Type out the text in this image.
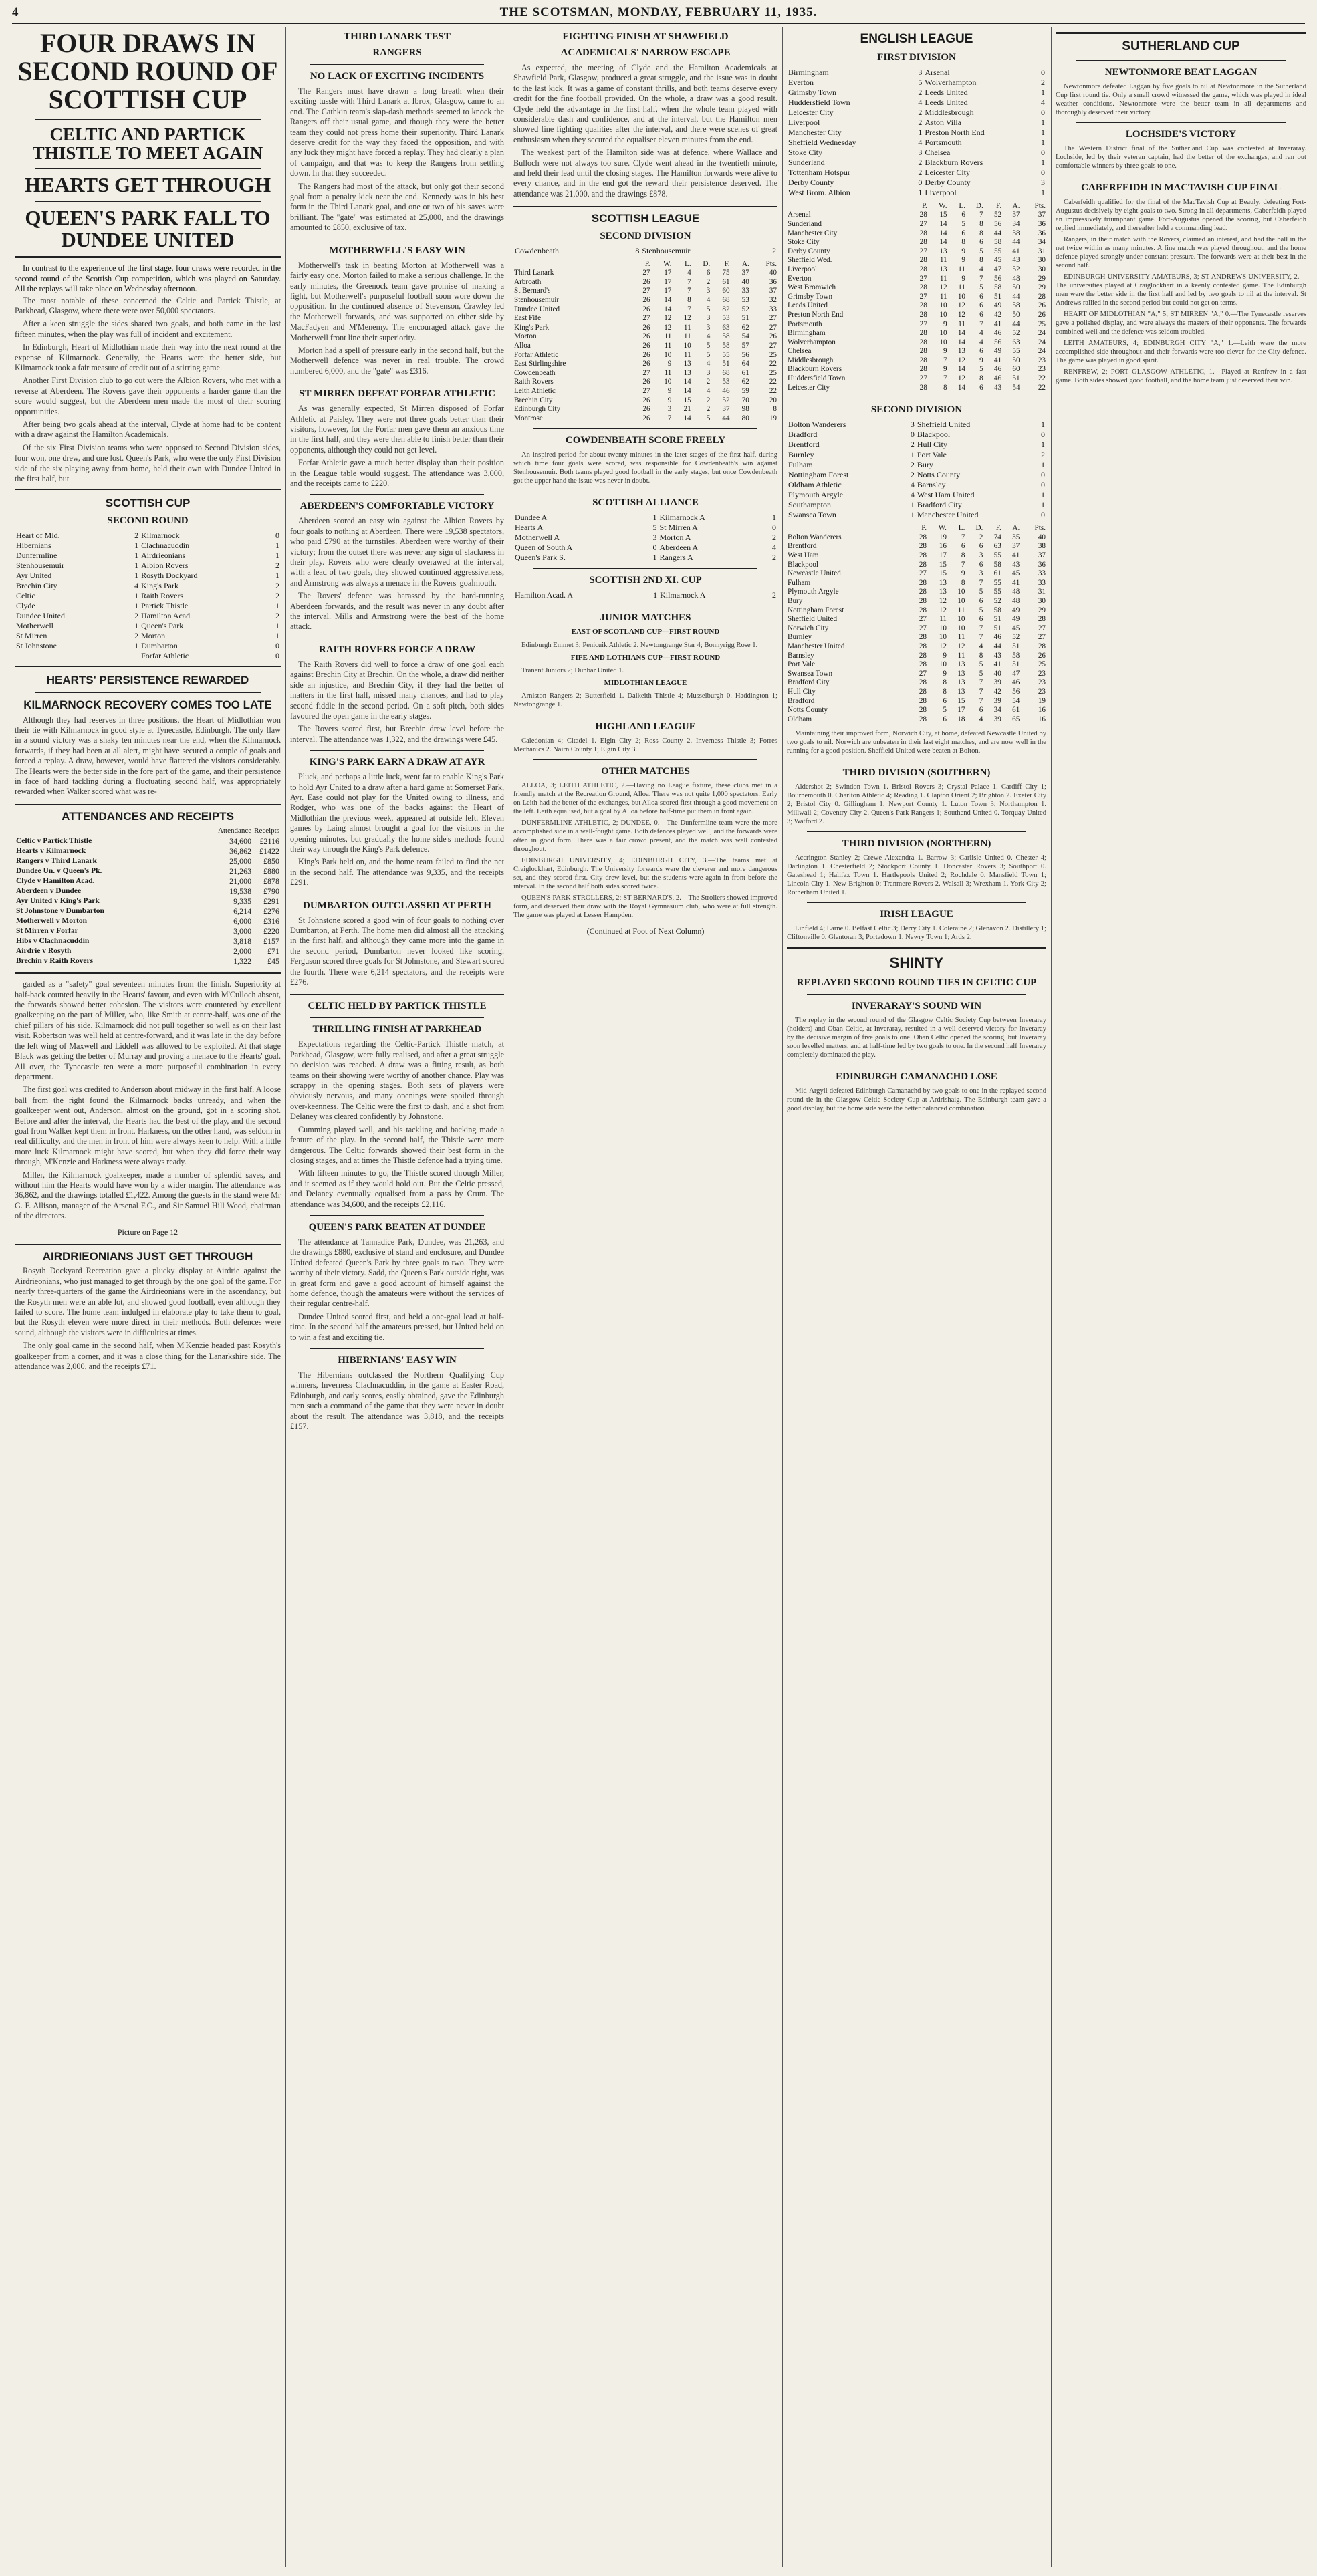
4	THE SCOTSMAN, MONDAY, FEBRUARY 11, 1935.
FOUR DRAWS IN SECOND ROUND OF SCOTTISH CUP
CELTIC AND PARTICK THISTLE TO MEET AGAIN
HEARTS GET THROUGH
QUEEN'S PARK FALL TO DUNDEE UNITED

In contrast to the experience of the first stage, four draws were recorded in the second round of the Scottish Cup competition, which was played on Saturday. All the replays will take place on Wednesday afternoon.

The most notable of these concerned the Celtic and Partick Thistle, at Parkhead, Glasgow, where there were over 50,000 spectators.
After a keen struggle the sides shared two goals, and both came in the last fifteen minutes, when the play was full of incident and excitement.
In Edinburgh, Heart of Midlothian made their way into the next round at the expense of Kilmarnock. Generally, the Hearts were the better side, but Kilmarnock took a fair measure of credit out of a stirring game.
Another First Division club to go out were the Albion Rovers, who met with a reverse at Aberdeen. The Rovers gave their opponents a harder game than the score would suggest, but the Aberdeen men made the most of their scoring opportunities.
After being two goals ahead at the interval, Clyde at home had to be content with a draw against the Hamilton Academicals.
Of the six First Division teams who were opposed to Second Division sides, four won, one drew, and one lost. Queen's Park, who were the only First Division side of the six playing away from home, held their own with Dundee United in the first half, but
SCOTTISH CUP
SECOND ROUND
Heart of Mid.	2	Kilmarnock	0
Hibernians	1	Clachnacuddin	1
Dunfermline	1	Airdrieonians	1
Stenhousemuir	1	Albion Rovers	2
Ayr United	1	Rosyth Dockyard	1
Brechin City	4	King's Park	2
Celtic	1	Raith Rovers	2
Clyde	1	Partick Thistle	1
Dundee United	2	Hamilton Acad.	2
Motherwell	1	Queen's Park	1
St Mirren	2	Morton	1
St Johnstone	1	Dumbarton	0
		Forfar Athletic	0
HEARTS' PERSISTENCE REWARDED
KILMARNOCK RECOVERY COMES TOO LATE
Although they had reserves in three positions, the Heart of Midlothian won their tie with Kilmarnock in good style at Tynecastle, Edinburgh. The only flaw in a sound victory was a shaky ten minutes near the end, when the Kilmarnock forwards, if they had been at all alert, might have secured a couple of goals and forced a replay. A draw, however, would have flattered the visitors considerably. The Hearts were the better side in the fore part of the game, and their persistence in face of hard tackling during a fluctuating second half, was appropriately rewarded when Walker scored what was re-
ATTENDANCES AND RECEIPTS
	Attendance	Receipts
Celtic v Partick Thistle	34,600	£2116
Hearts v Kilmarnock	36,862	£1422
Rangers v Third Lanark	25,000	£850
Dundee Un. v Queen's Pk.	21,263	£880
Clyde v Hamilton Acad.	21,000	£878
Aberdeen v Dundee	19,538	£790
Ayr United v King's Park	9,335	£291
St Johnstone v Dumbarton	6,214	£276
Motherwell v Morton	6,000	£316
St Mirren v Forfar	3,000	£220
Hibs v Clachnacuddin	3,818	£157
Airdrie v Rosyth	2,000	£71
Brechin v Raith Rovers	1,322	£45
garded as a "safety" goal seventeen minutes from the finish. Superiority at half-back counted heavily in the Hearts' favour, and even with M'Culloch absent, the forwards showed better cohesion. The visitors were countered by excellent goalkeeping on the part of Miller, who, like Smith at centre-half, was one of the chief pillars of his side. Kilmarnock did not pull together so well as on their last visit. Robertson was well held at centre-forward, and it was late in the day before the left wing of Maxwell and Liddell was allowed to be exploited. At that stage Black was getting the better of Murray and proving a menace to the Hearts' goal. All over, the Tynecastle ten were a more purposeful combination in every department.
The first goal was credited to Anderson about midway in the first half. A loose ball from the right found the Kilmarnock backs unready, and when the goalkeeper went out, Anderson, almost on the ground, got in a scoring shot. Before and after the interval, the Hearts had the best of the play, and the second goal from Walker kept them in front. Harkness, on the other hand, was seldom in real difficulty, and the men in front of him were always keen to help. With a little more luck Kilmarnock might have scored, but when they did force their way through, M'Kenzie and Harkness were always ready.
Miller, the Kilmarnock goalkeeper, made a number of splendid saves, and without him the Hearts would have won by a wider margin. The attendance was 36,862, and the drawings totalled £1,422. Among the guests in the stand were Mr G. F. Allison, manager of the Arsenal F.C., and Sir Samuel Hill Wood, chairman of the directors.
Picture on Page 12
AIRDRIEONIANS JUST GET THROUGH
Rosyth Dockyard Recreation gave a plucky display at Airdrie against the Airdrieonians, who just managed to get through by the one goal of the game. For nearly three-quarters of the game the Airdrieonians were in the ascendancy, but the Rosyth men were an able lot, and showed good football, even although they failed to score. The home team indulged in elaborate play to take them to goal, but the Rosyth eleven were more direct in their methods. Both defences were sound, although the visitors were in difficulties at times.
The only goal came in the second half, when M'Kenzie headed past Rosyth's goalkeeper from a corner, and it was a close thing for the Lanarkshire side. The attendance was 2,000, and the receipts £71.
THIRD LANARK TEST
RANGERS
NO LACK OF EXCITING INCIDENTS
The Rangers must have drawn a long breath when their exciting tussle with Third Lanark at Ibrox, Glasgow, came to an end. The Cathkin team's slap-dash methods seemed to knock the Rangers off their usual game, and though they were the better team they could not press home their superiority. Third Lanark deserve credit for the way they faced the opposition, and with any luck they might have forced a replay. They had clearly a plan of campaign, and that was to keep the Rangers from settling down. In that they succeeded.
The Rangers had most of the attack, but only got their second goal from a penalty kick near the end. Kennedy was in his best form in the Third Lanark goal, and one or two of his saves were brilliant. The "gate" was estimated at 25,000, and the drawings amounted to £850, exclusive of tax.
MOTHERWELL'S EASY WIN
Motherwell's task in beating Morton at Motherwell was a fairly easy one. Morton failed to make a serious challenge. In the early minutes, the Greenock team gave promise of making a fight, but Motherwell's purposeful football soon wore down the opposition. In the continued absence of Stevenson, Crawley led the Motherwell forwards, and was supported on either side by MacFadyen and M'Menemy. The encouraged attack gave the Motherwell front line their superiority.
Morton had a spell of pressure early in the second half, but the Motherwell defence was never in real trouble. The crowd numbered 6,000, and the "gate" was £316.
ST MIRREN DEFEAT FORFAR ATHLETIC
As was generally expected, St Mirren disposed of Forfar Athletic at Paisley. They were not three goals better than their visitors, however, for the Forfar men gave them an anxious time in the first half, and they were then able to finish better than their opponents, although they could not get level.
Forfar Athletic gave a much better display than their position in the League table would suggest. The attendance was 3,000, and the receipts came to £220.
ABERDEEN'S COMFORTABLE VICTORY
Aberdeen scored an easy win against the Albion Rovers by four goals to nothing at Aberdeen. There were 19,538 spectators, who paid £790 at the turnstiles. Aberdeen were worthy of their victory; from the outset there was never any sign of slackness in their play. Rovers who were clearly overawed at the interval, with a lead of two goals, they showed continued aggressiveness, and Armstrong was always a menace in the Rovers' goalmouth.
The Rovers' defence was harassed by the hard-running Aberdeen forwards, and the result was never in any doubt after the interval. Mills and Armstrong were the best of the home attack.
RAITH ROVERS FORCE A DRAW
The Raith Rovers did well to force a draw of one goal each against Brechin City at Brechin. On the whole, a draw did neither side an injustice, and Brechin City, if they had the better of matters in the first half, missed many chances, and had to play second fiddle in the second period. On a soft pitch, both sides favoured the open game in the early stages.
The Rovers scored first, but Brechin drew level before the interval. The attendance was 1,322, and the drawings were £45.
KING'S PARK EARN A DRAW AT AYR
Pluck, and perhaps a little luck, went far to enable King's Park to hold Ayr United to a draw after a hard game at Somerset Park, Ayr. Ease could not play for the United owing to illness, and Rodger, who was one of the backs against the Heart of Midlothian the previous week, appeared at outside left. Eleven games by Laing almost brought a goal for the visitors in the opening minutes, but gradually the home side's methods found their way through the King's Park defence.
King's Park held on, and the home team failed to find the net in the second half. The attendance was 9,335, and the receipts £291.
DUMBARTON OUTCLASSED AT PERTH
St Johnstone scored a good win of four goals to nothing over Dumbarton, at Perth. The home men did almost all the attacking in the first half, and although they came more into the game in the second period, Dumbarton never looked like scoring. Ferguson scored three goals for St Johnstone, and Stewart scored the fourth. There were 6,214 spectators, and the receipts were £276.
CELTIC HELD BY PARTICK THISTLE
THRILLING FINISH AT PARKHEAD
Expectations regarding the Celtic-Partick Thistle match, at Parkhead, Glasgow, were fully realised, and after a great struggle no decision was reached. A draw was a fitting result, as both teams on their showing were worthy of another chance. Play was scrappy in the opening stages. Both sets of players were obviously nervous, and many openings were spoiled through over-keenness. The Celtic were the first to dash, and a shot from Delaney was cleared confidently by Johnstone.
Cumming played well, and his tackling and backing made a feature of the play. In the second half, the Thistle were more dangerous. The Celtic forwards showed their best form in the closing stages, and at times the Thistle defence had a trying time.
With fifteen minutes to go, the Thistle scored through Miller, and it seemed as if they would hold out. But the Celtic pressed, and Delaney eventually equalised from a pass by Crum. The attendance was 34,600, and the receipts £2,116.
QUEEN'S PARK BEATEN AT DUNDEE
The attendance at Tannadice Park, Dundee, was 21,263, and the drawings £880, exclusive of stand and enclosure, and Dundee United defeated Queen's Park by three goals to two. They were worthy of their victory. Sadd, the Queen's Park outside right, was in great form and gave a good account of himself against the home defence, though the amateurs were without the services of their regular centre-half.
Dundee United scored first, and held a one-goal lead at half-time. In the second half the amateurs pressed, but United held on to win a fast and exciting tie.
HIBERNIANS' EASY WIN
The Hibernians outclassed the Northern Qualifying Cup winners, Inverness Clachnacuddin, in the game at Easter Road, Edinburgh, and early scores, easily obtained, gave the Edinburgh men such a command of the game that they were never in doubt about the result. The attendance was 3,818, and the receipts £157.
FIGHTING FINISH AT SHAWFIELD
ACADEMICALS' NARROW ESCAPE
As expected, the meeting of Clyde and the Hamilton Academicals at Shawfield Park, Glasgow, produced a great struggle, and the issue was in doubt to the last kick. It was a game of constant thrills, and both teams deserve every credit for the fine football provided. On the whole, a draw was a good result. Clyde held the advantage in the first half, when the whole team played with considerable dash and confidence, and at the interval, but the Hamilton men showed fine fighting qualities after the interval, and there were scenes of great enthusiasm when they secured the equaliser eleven minutes from the end.
The weakest part of the Hamilton side was at defence, where Wallace and Bulloch were not always too sure. Clyde went ahead in the twentieth minute, and held their lead until the closing stages. The Hamilton forwards were alive to every chance, and in the end got the reward their persistence deserved. The attendance was 21,000, and the drawings £878.
SCOTTISH LEAGUE
SECOND DIVISION
Cowdenbeath	8	Stenhousemuir	2
	P.	W.	L.	D.	F.	A.	Pts.
Third Lanark	27	17	4	6	75	37	40
Arbroath	26	17	7	2	61	40	36
St Bernard's	27	17	7	3	60	33	37
Stenhousemuir	26	14	8	4	68	53	32
Dundee United	26	14	7	5	82	52	33
East Fife	27	12	12	3	53	51	27
King's Park	26	12	11	3	63	62	27
Morton	26	11	11	4	58	54	26
Alloa	26	11	10	5	58	57	27
Forfar Athletic	26	10	11	5	55	56	25
East Stirlingshire	26	9	13	4	51	64	22
Cowdenbeath	27	11	13	3	68	61	25
Raith Rovers	26	10	14	2	53	62	22
Leith Athletic	27	9	14	4	46	59	22
Brechin City	26	9	15	2	52	70	20
Edinburgh City	26	3	21	2	37	98	8
Montrose	26	7	14	5	44	80	19
COWDENBEATH SCORE FREELY
An inspired period for about twenty minutes in the later stages of the first half, during which time four goals were scored, was responsible for Cowdenbeath's win against Stenhousemuir. Both teams played good football in the early stages, but once Cowdenbeath got the upper hand the issue was never in doubt.
SCOTTISH ALLIANCE
Dundee A	1	Kilmarnock A	1
Hearts A	5	St Mirren A	0
Motherwell A	3	Morton A	2
Queen of South A	0	Aberdeen A	4
Queen's Park S.	1	Rangers A	2
SCOTTISH 2ND XI. CUP
Hamilton Acad. A	1	Kilmarnock A	2
JUNIOR MATCHES
EAST OF SCOTLAND CUP—FIRST ROUND
Edinburgh Emmet 3; Penicuik Athletic 2. Newtongrange Star 4; Bonnyrigg Rose 1.
FIFE AND LOTHIANS CUP—FIRST ROUND
Tranent Juniors 2; Dunbar United 1.
MIDLOTHIAN LEAGUE
Arniston Rangers 2; Butterfield 1. Dalkeith Thistle 4; Musselburgh 0. Haddington 1; Newtongrange 1.
HIGHLAND LEAGUE
Caledonian 4; Citadel 1. Elgin City 2; Ross County 2. Inverness Thistle 3; Forres Mechanics 2. Nairn County 1; Elgin City 3.
OTHER MATCHES
ALLOA, 3; LEITH ATHLETIC, 2.—Having no League fixture, these clubs met in a friendly match at the Recreation Ground, Alloa. There was not quite 1,000 spectators. Early on Leith had the better of the exchanges, but Alloa scored first through a good movement on the left. Leith equalised, but a goal by Alloa before half-time put them in front again.
DUNFERMLINE ATHLETIC, 2; DUNDEE, 0.—The Dunfermline team were the more accomplished side in a well-fought game. Both defences played well, and the forwards were often in good form. There was a fair crowd present, and the match was well contested throughout.
EDINBURGH UNIVERSITY, 4; EDINBURGH CITY, 3.—The teams met at Craiglockhart, Edinburgh. The University forwards were the cleverer and more dangerous set, and they scored first. City drew level, but the students were again in front before the interval. In the second half both sides scored twice.
QUEEN'S PARK STROLLERS, 2; ST BERNARD'S, 2.—The Strollers showed improved form, and deserved their draw with the Royal Gymnasium club, who were at full strength. The game was played at Lesser Hampden.
(Continued at Foot of Next Column)
ENGLISH LEAGUE
FIRST DIVISION
Birmingham	3	Arsenal	0
Everton	5	Wolverhampton	2
Grimsby Town	2	Leeds United	1
Huddersfield Town	4	Leeds United	4
Leicester City	2	Middlesbrough	0
Liverpool	2	Aston Villa	1
Manchester City	1	Preston North End	1
Sheffield Wednesday	4	Portsmouth	1
Stoke City	3	Chelsea	0
Sunderland	2	Blackburn Rovers	1
Tottenham Hotspur	2	Leicester City	0
Derby County	0	Derby County	3
West Brom. Albion	1	Liverpool	1
	P.	W.	L.	D.	F.	A.	Pts.
Arsenal	28	15	6	7	52	37	37
Sunderland	27	14	5	8	56	34	36
Manchester City	28	14	6	8	44	38	36
Stoke City	28	14	8	6	58	44	34
Derby County	27	13	9	5	55	41	31
Sheffield Wed.	28	11	9	8	45	43	30
Liverpool	28	13	11	4	47	52	30
Everton	27	11	9	7	56	48	29
West Bromwich	28	12	11	5	58	50	29
Grimsby Town	27	11	10	6	51	44	28
Leeds United	28	10	12	6	49	58	26
Preston North End	28	10	12	6	42	50	26
Portsmouth	27	9	11	7	41	44	25
Birmingham	28	10	14	4	46	52	24
Wolverhampton	28	10	14	4	56	63	24
Chelsea	28	9	13	6	49	55	24
Middlesbrough	28	7	12	9	41	50	23
Blackburn Rovers	28	9	14	5	46	60	23
Huddersfield Town	27	7	12	8	46	51	22
Leicester City	28	8	14	6	43	54	22
SECOND DIVISION
Bolton Wanderers	3	Sheffield United	1
Bradford	0	Blackpool	0
Brentford	2	Hull City	1
Burnley	1	Port Vale	2
Fulham	2	Bury	1
Nottingham Forest	2	Notts County	0
Oldham Athletic	4	Barnsley	0
Plymouth Argyle	4	West Ham United	1
Southampton	1	Bradford City	1
Swansea Town	1	Manchester United	0
	P.	W.	L.	D.	F.	A.	Pts.
Bolton Wanderers	28	19	7	2	74	35	40
Brentford	28	16	6	6	63	37	38
West Ham	28	17	8	3	55	41	37
Blackpool	28	15	7	6	58	43	36
Newcastle United	27	15	9	3	61	45	33
Fulham	28	13	8	7	55	41	33
Plymouth Argyle	28	13	10	5	55	48	31
Bury	28	12	10	6	52	48	30
Nottingham Forest	28	12	11	5	58	49	29
Sheffield United	27	11	10	6	51	49	28
Norwich City	27	10	10	7	51	45	27
Burnley	28	10	11	7	46	52	27
Manchester United	28	12	12	4	44	51	28
Barnsley	28	9	11	8	43	58	26
Port Vale	28	10	13	5	41	51	25
Swansea Town	27	9	13	5	40	47	23
Bradford City	28	8	13	7	39	46	23
Hull City	28	8	13	7	42	56	23
Bradford	28	6	15	7	39	54	19
Notts County	28	5	17	6	34	61	16
Oldham	28	6	18	4	39	65	16
Maintaining their improved form, Norwich City, at home, defeated Newcastle United by two goals to nil. Norwich are unbeaten in their last eight matches, and are now well in the running for a good position. Sheffield United were beaten at Bolton.
THIRD DIVISION (SOUTHERN)
Aldershot 2; Swindon Town 1. Bristol Rovers 3; Crystal Palace 1. Cardiff City 1; Bournemouth 0. Charlton Athletic 4; Reading 1. Clapton Orient 2; Brighton 2. Exeter City 2; Bristol City 0. Gillingham 1; Newport County 1. Luton Town 3; Northampton 1. Millwall 2; Coventry City 2. Queen's Park Rangers 1; Southend United 0. Torquay United 3; Watford 2.
THIRD DIVISION (NORTHERN)
Accrington Stanley 2; Crewe Alexandra 1. Barrow 3; Carlisle United 0. Chester 4; Darlington 1. Chesterfield 2; Stockport County 1. Doncaster Rovers 3; Southport 0. Gateshead 1; Halifax Town 1. Hartlepools United 2; Rochdale 0. Mansfield Town 1; Lincoln City 1. New Brighton 0; Tranmere Rovers 2. Walsall 3; Wrexham 1. York City 2; Rotherham United 1.
IRISH LEAGUE
Linfield 4; Larne 0. Belfast Celtic 3; Derry City 1. Coleraine 2; Glenavon 2. Distillery 1; Cliftonville 0. Glentoran 3; Portadown 1. Newry Town 1; Ards 2.
SHINTY
REPLAYED SECOND ROUND TIES IN CELTIC CUP
INVERARAY'S SOUND WIN
The replay in the second round of the Glasgow Celtic Society Cup between Inveraray (holders) and Oban Celtic, at Inveraray, resulted in a well-deserved victory for Inveraray by the decisive margin of five goals to one. Oban Celtic opened the scoring, but Inveraray soon levelled matters, and at half-time led by two goals to one. In the second half Inveraray completely dominated the play.
EDINBURGH CAMANACHD LOSE
Mid-Argyll defeated Edinburgh Camanachd by two goals to one in the replayed second round tie in the Glasgow Celtic Society Cup at Ardrishaig. The Edinburgh team gave a good display, but the home side were the better balanced combination.
SUTHERLAND CUP
NEWTONMORE BEAT LAGGAN
Newtonmore defeated Laggan by five goals to nil at Newtonmore in the Sutherland Cup first round tie. Only a small crowd witnessed the game, which was played in ideal weather conditions. Newtonmore were the better team in all departments and thoroughly deserved their victory.
LOCHSIDE'S VICTORY
The Western District final of the Sutherland Cup was contested at Inveraray. Lochside, led by their veteran captain, had the better of the exchanges, and ran out comfortable winners by three goals to one.
CABERFEIDH IN MACTAVISH CUP FINAL
Caberfeidh qualified for the final of the MacTavish Cup at Beauly, defeating Fort-Augustus decisively by eight goals to two. Strong in all departments, Caberfeidh played an impressively triumphant game. Fort-Augustus opened the scoring, but Caberfeidh replied immediately, and thereafter held a commanding lead.
Rangers, in their match with the Rovers, claimed an interest, and had the ball in the net twice within as many minutes. A fine match was played throughout, and the home defence played strongly under constant pressure. The forwards were at their best in the second half.
EDINBURGH UNIVERSITY AMATEURS, 3; ST ANDREWS UNIVERSITY, 2.—The universities played at Craiglockhart in a keenly contested game. The Edinburgh men were the better side in the first half and led by two goals to nil at the interval. St Andrews rallied in the second period but could not get on terms.
HEART OF MIDLOTHIAN "A," 5; ST MIRREN "A," 0.—The Tynecastle reserves gave a polished display, and were always the masters of their opponents. The forwards combined well and the defence was seldom troubled.
LEITH AMATEURS, 4; EDINBURGH CITY "A," 1.—Leith were the more accomplished side throughout and their forwards were too clever for the City defence. The game was played in good spirit.
RENFREW, 2; PORT GLASGOW ATHLETIC, 1.—Played at Renfrew in a fast game. Both sides showed good football, and the home team just deserved their win.
